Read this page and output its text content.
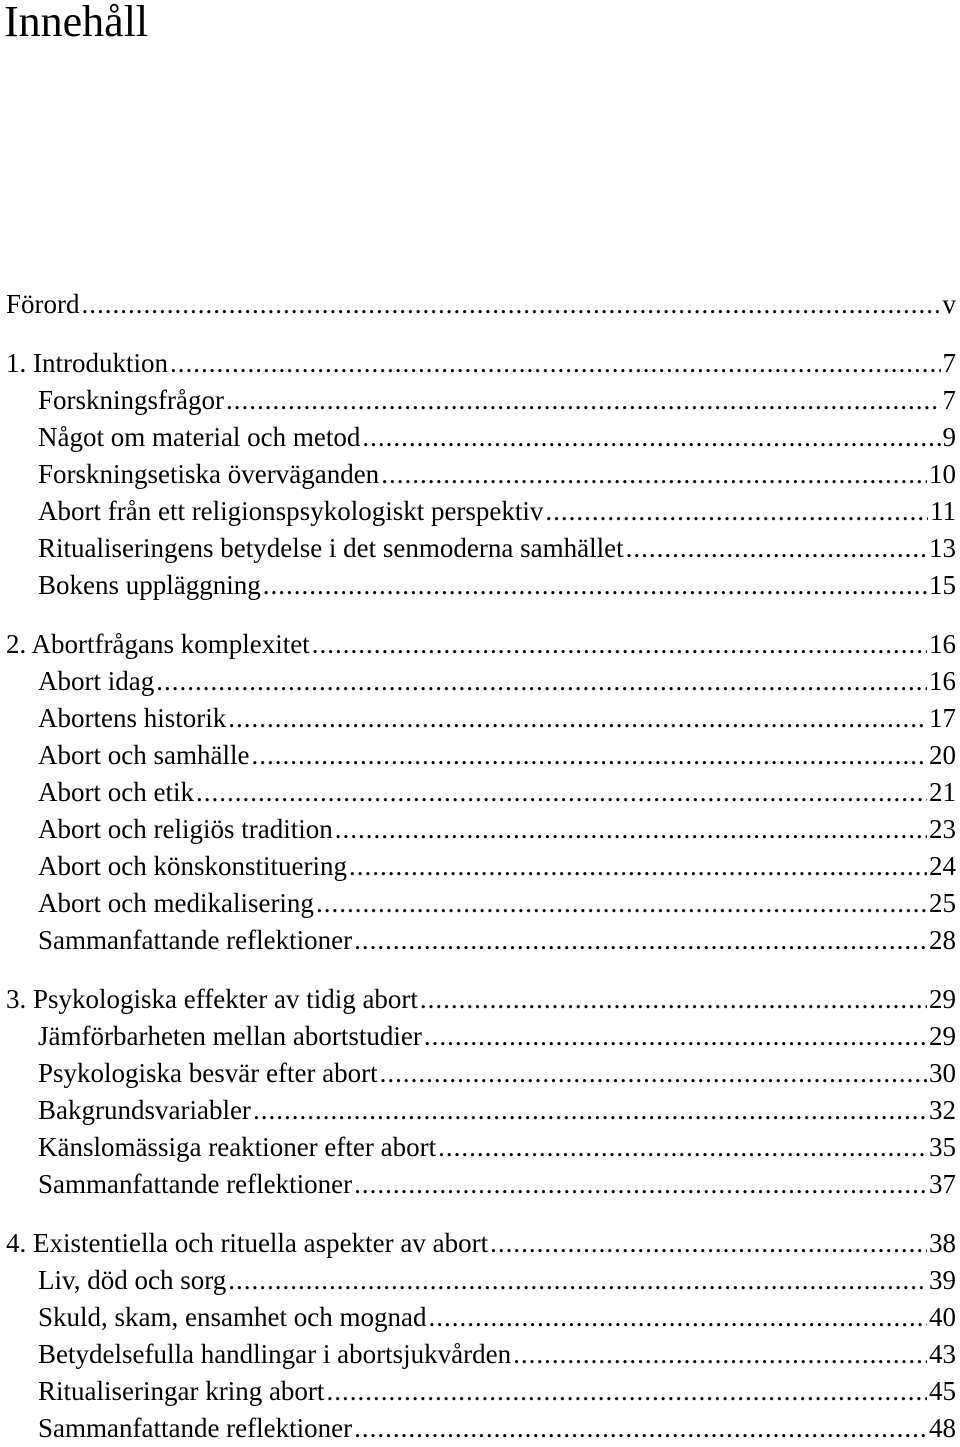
Innehåll
Förord .....	v
1. Introduktion .....	7
Forskningsfrågor .....	7
Något om material och metod .....	9
Forskningsetiska överväganden .....	10
Abort från ett religionspsykologiskt perspektiv .....	11
Ritualiseringens betydelse i det senmoderna samhället .....	13
Bokens uppläggning .....	15
2. Abortfrågans komplexitet .....	16
Abort idag .....	16
Abortens historik .....	17
Abort och samhälle .....	20
Abort och etik .....	21
Abort och religiös tradition .....	23
Abort och könskonstituering .....	24
Abort och medikalisering .....	25
Sammanfattande reflektioner .....	28
3. Psykologiska effekter av tidig abort .....	29
Jämförbarheten mellan abortstudier .....	29
Psykologiska besvär efter abort .....	30
Bakgrundsvariabler .....	32
Känslomässiga reaktioner efter abort .....	35
Sammanfattande reflektioner .....	37
4. Existentiella och rituella aspekter av abort .....	38
Liv, död och sorg .....	39
Skuld, skam, ensamhet och mognad .....	40
Betydelsefulla handlingar i abortsjukvården .....	43
Ritualiseringar kring abort .....	45
Sammanfattande reflektioner .....	48
